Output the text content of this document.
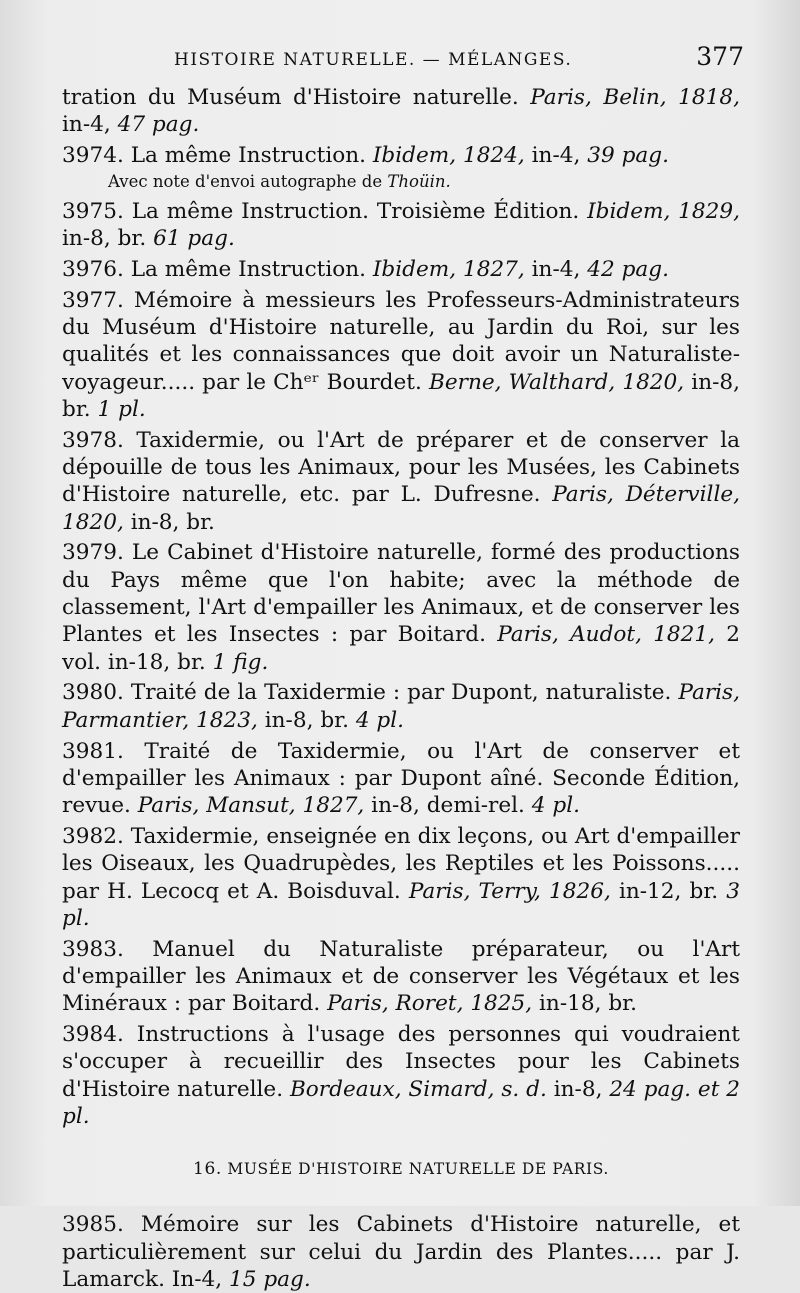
HISTOIRE NATURELLE. — MÉLANGES.	377

tration du Muséum d'Histoire naturelle. Paris, Belin, 1818, in-4, 47 pag.

3974. La même Instruction. Ibidem, 1824, in-4, 39 pag.

Avec note d'envoi autographe de Thoüin.

3975. La même Instruction. Troisième Édition. Ibidem, 1829, in-8, br. 61 pag.

3976. La même Instruction. Ibidem, 1827, in-4, 42 pag.

3977. Mémoire à messieurs les Professeurs-Administrateurs du Muséum d'Histoire naturelle, au Jardin du Roi, sur les qualités et les connaissances que doit avoir un Naturaliste-voyageur..... par le Chᵉʳ Bourdet. Berne, Walthard, 1820, in-8, br. 1 pl.

3978. Taxidermie, ou l'Art de préparer et de conserver la dépouille de tous les Animaux, pour les Musées, les Cabinets d'Histoire naturelle, etc. par L. Dufresne. Paris, Déterville, 1820, in-8, br.

3979. Le Cabinet d'Histoire naturelle, formé des productions du Pays même que l'on habite; avec la méthode de classement, l'Art d'empailler les Animaux, et de conserver les Plantes et les Insectes : par Boitard. Paris, Audot, 1821, 2 vol. in-18, br. 1 fig.

3980. Traité de la Taxidermie : par Dupont, naturaliste. Paris, Parmantier, 1823, in-8, br. 4 pl.

3981. Traité de Taxidermie, ou l'Art de conserver et d'empailler les Animaux : par Dupont aîné. Seconde Édition, revue. Paris, Mansut, 1827, in-8, demi-rel. 4 pl.

3982. Taxidermie, enseignée en dix leçons, ou Art d'empailler les Oiseaux, les Quadrupèdes, les Reptiles et les Poissons..... par H. Lecocq et A. Boisduval. Paris, Terry, 1826, in-12, br. 3 pl.

3983. Manuel du Naturaliste préparateur, ou l'Art d'empailler les Animaux et de conserver les Végétaux et les Minéraux : par Boitard. Paris, Roret, 1825, in-18, br.

3984. Instructions à l'usage des personnes qui voudraient s'occuper à recueillir des Insectes pour les Cabinets d'Histoire naturelle. Bordeaux, Simard, s. d. in-8, 24 pag. et 2 pl.

16. MUSÉE D'HISTOIRE NATURELLE DE PARIS.

3985. Mémoire sur les Cabinets d'Histoire naturelle, et particulièrement sur celui du Jardin des Plantes..... par J. Lamarck. In-4, 15 pag.
